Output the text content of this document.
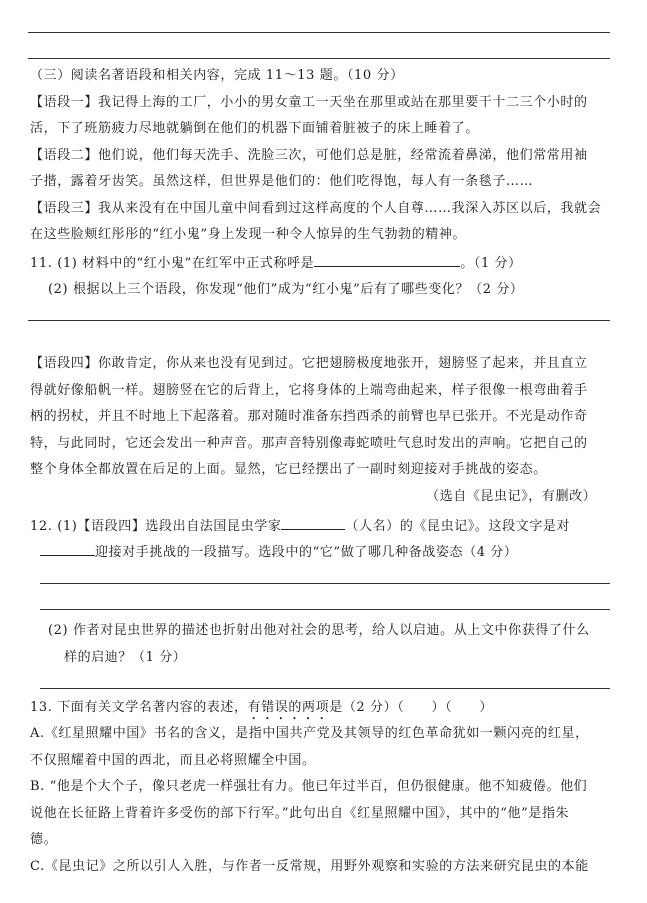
（三）阅读名著语段和相关内容，完成 11～13 题。（10 分）
【语段一】我记得上海的工厂，小小的男女童工一天坐在那里或站在那里要干十二三个小时的
活，下了班筋疲力尽地就躺倒在他们的机器下面铺着脏被子的床上睡着了。
【语段二】他们说，他们每天洗手、洗脸三次，可他们总是脏，经常流着鼻涕，他们常常用袖
子揩，露着牙齿笑。虽然这样，但世界是他们的：他们吃得饱，每人有一条毯子……
【语段三】我从来没有在中国儿童中间看到过这样高度的个人自尊……我深入苏区以后，我就会
在这些脸颊红彤彤的“红小鬼”身上发现一种令人惊异的生气勃勃的精神。
11. (1) 材料中的“红小鬼”在红军中正式称呼是	。（1 分）
(2) 根据以上三个语段，你发现“他们”成为“红小鬼”后有了哪些变化？（2 分）
【语段四】你敢肯定，你从来也没有见到过。它把翅膀极度地张开，翅膀竖了起来，并且直立
得就好像船帆一样。翅膀竖在它的后背上，它将身体的上端弯曲起来，样子很像一根弯曲着手
柄的拐杖，并且不时地上下起落着。那对随时准备东挡西杀的前臂也早已张开。不光是动作奇
特，与此同时，它还会发出一种声音。那声音特别像毒蛇喷吐气息时发出的声响。它把自己的
整个身体全都放置在后足的上面。显然，它已经摆出了一副时刻迎接对手挑战的姿态。
（选自《昆虫记》，有删改）
12. (1)【语段四】选段出自法国昆虫学家	（人名）的《昆虫记》。这段文字是对
迎接对手挑战的一段描写。选段中的“它”做了哪几种备战姿态（4 分）
(2) 作者对昆虫世界的描述也折射出他对社会的思考，给人以启迪。从上文中你获得了什么
样的启迪？（1 分）
13. 下面有关文学名著内容的表述，有错误的两项是（2 分）（　　）（　　）
A.《红星照耀中国》书名的含义，是指中国共产党及其领导的红色革命犹如一颗闪亮的红星，
不仅照耀着中国的西北，而且必将照耀全中国。
B. “他是个大个子，像只老虎一样强壮有力。他已年过半百，但仍很健康。他不知疲倦。他们
说他在长征路上背着许多受伤的部下行军。”此句出自《红星照耀中国》，其中的“他”是指朱
德。
C.《昆虫记》之所以引人入胜，与作者一反常规，用野外观察和实验的方法来研究昆虫的本能
